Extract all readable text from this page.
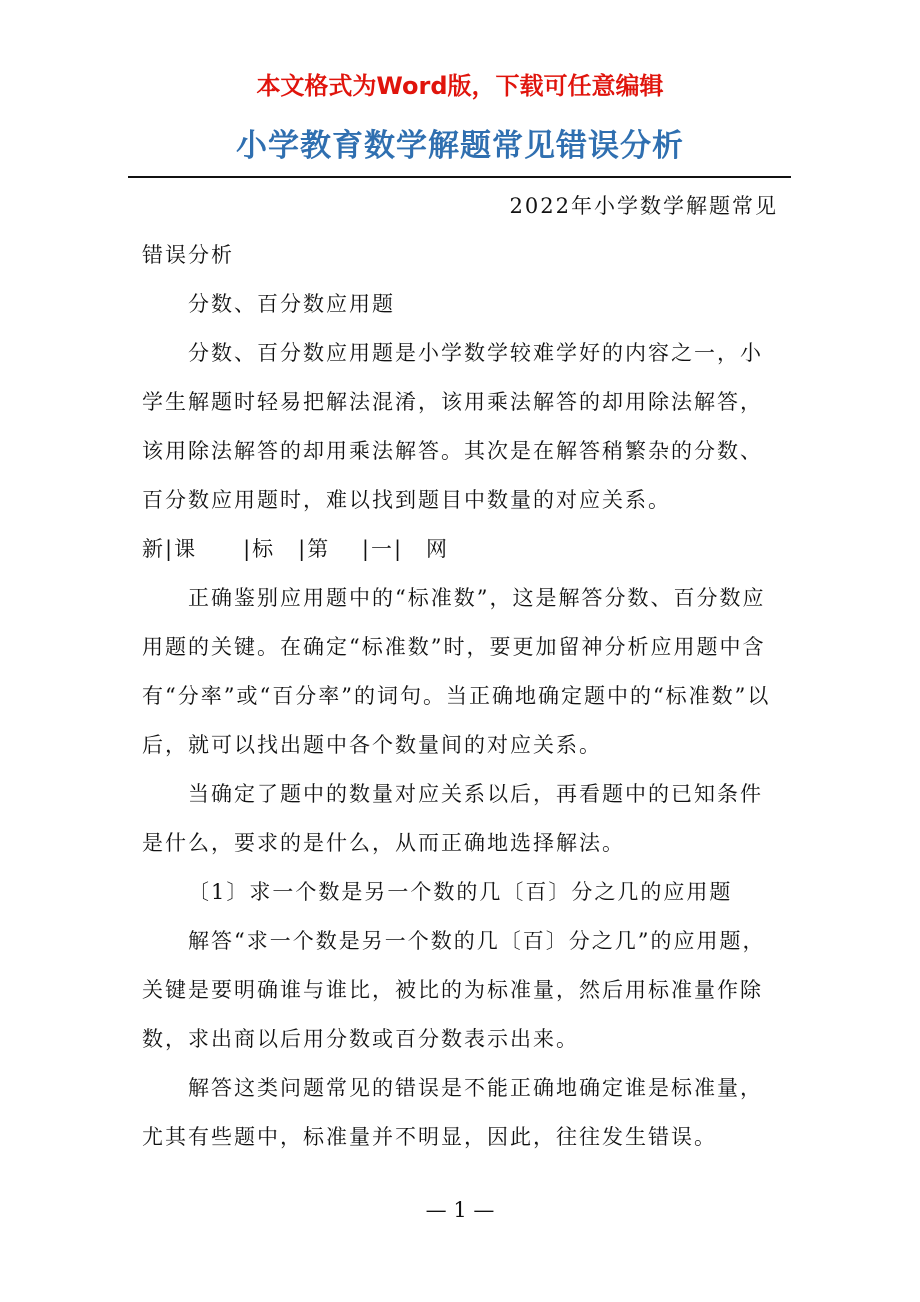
本文格式为Word版，下载可任意编辑
小学教育数学解题常见错误分析

2022年小学数学解题常见

错误分析

分数、百分数应用题

分数、百分数应用题是小学数学较难学好的内容之一，小学生解题时轻易把解法混淆，该用乘法解答的却用除法解答，该用除法解答的却用乘法解答。其次是在解答稍繁杂的分数、百分数应用题时，难以找到题目中数量的对应关系。

新|课　　|标　|第　 |一|　网

正确鉴别应用题中的“标准数”，这是解答分数、百分数应用题的关键。在确定“标准数”时，要更加留神分析应用题中含有“分率”或“百分率”的词句。当正确地确定题中的“标准数”以后，就可以找出题中各个数量间的对应关系。

当确定了题中的数量对应关系以后，再看题中的已知条件是什么，要求的是什么，从而正确地选择解法。

〔1〕求一个数是另一个数的几〔百〕分之几的应用题

解答“求一个数是另一个数的几〔百〕分之几”的应用题，关键是要明确谁与谁比，被比的为标准量，然后用标准量作除数，求出商以后用分数或百分数表示出来。

解答这类问题常见的错误是不能正确地确定谁是标准量，尤其有些题中，标准量并不明显，因此，往往发生错误。

— 1 —
